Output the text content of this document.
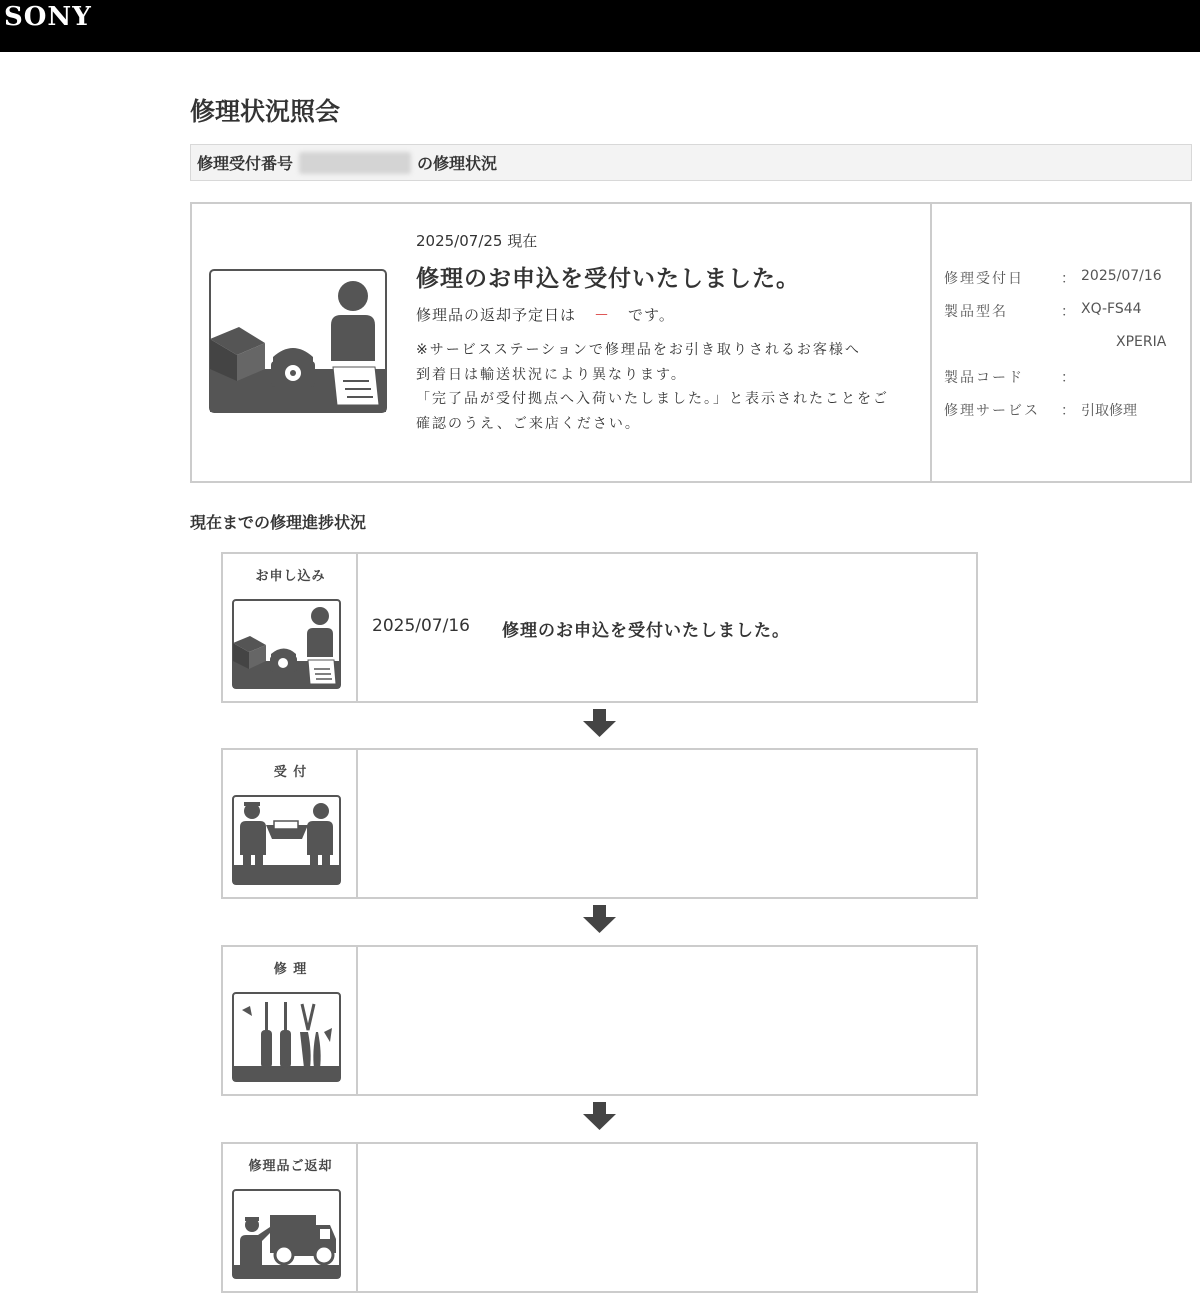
SONY
修理状況照会
修理受付番号	の修理状況
2025/07/25 現在
修理のお申込を受付いたしました。
修理品の返却予定日は － です。
※サービスステーションで修理品をお引き取りされるお客様へ
到着日は輸送状況により異なります。
「完了品が受付拠点へ入荷いたしました。」と表示されたことをご確認のうえ、ご来店ください。
修理受付日	： 2025/07/16
製品型名	： XQ-FS44
XPERIA
製品コード	：
修理サービス	： 引取修理
現在までの修理進捗状況
お申し込み
2025/07/16 修理のお申込を受付いたしました。
受 付
修 理
修理品ご返却
